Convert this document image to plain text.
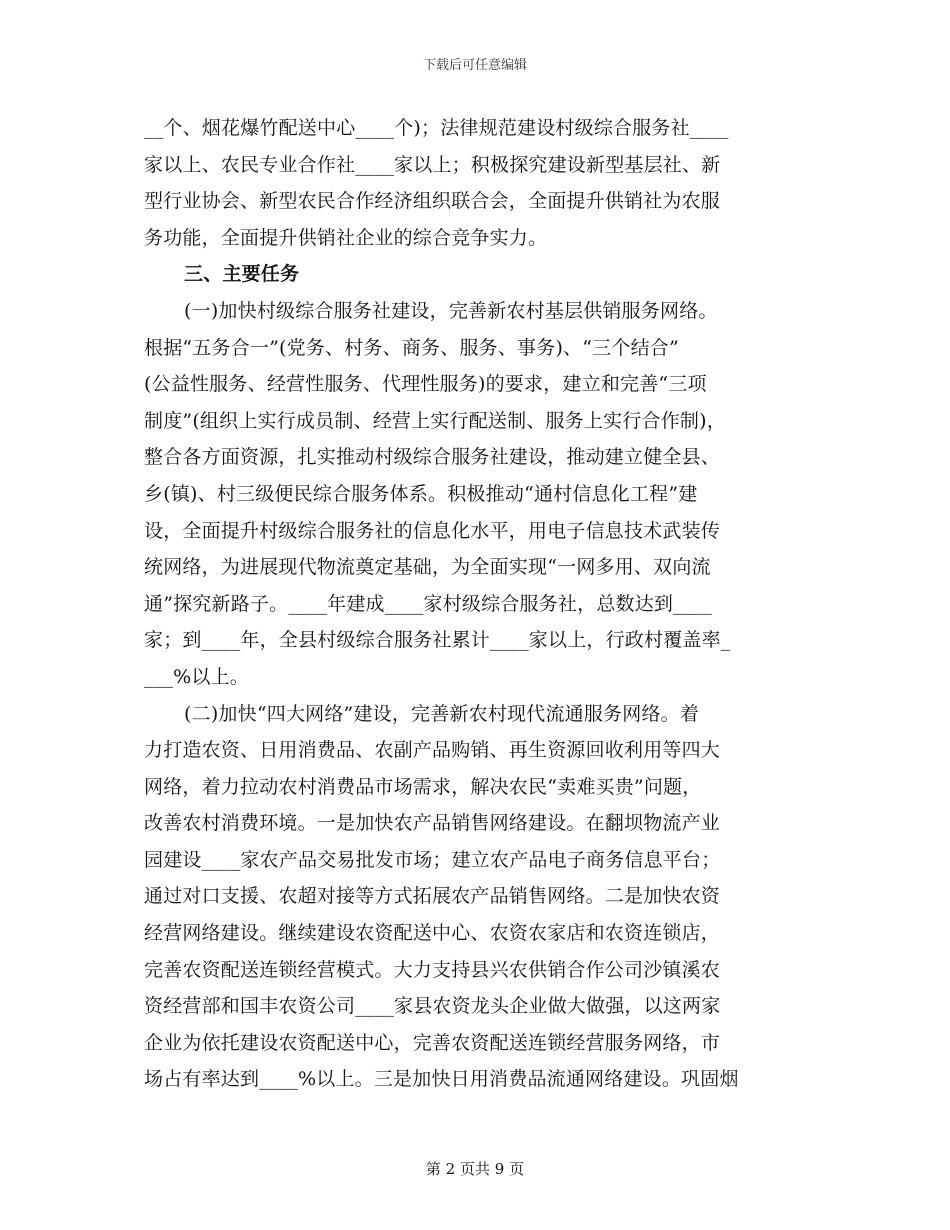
下载后可任意编辑
__个、烟花爆竹配送中心____个)；法律规范建设村级综合服务社____
家以上、农民专业合作社____家以上；积极探究建设新型基层社、新
型行业协会、新型农民合作经济组织联合会，全面提升供销社为农服
务功能，全面提升供销社企业的综合竞争实力。
三、主要任务
(一)加快村级综合服务社建设，完善新农村基层供销服务网络。
根据“五务合一”(党务、村务、商务、服务、事务)、“三个结合”
(公益性服务、经营性服务、代理性服务)的要求，建立和完善“三项
制度”(组织上实行成员制、经营上实行配送制、服务上实行合作制)，
整合各方面资源，扎实推动村级综合服务社建设，推动建立健全县、
乡(镇)、村三级便民综合服务体系。积极推动“通村信息化工程”建
设，全面提升村级综合服务社的信息化水平，用电子信息技术武装传
统网络，为进展现代物流奠定基础，为全面实现“一网多用、双向流
通”探究新路子。____年建成____家村级综合服务社，总数达到____
家；到____年，全县村级综合服务社累计____家以上，行政村覆盖率_
___%以上。
(二)加快“四大网络”建设，完善新农村现代流通服务网络。着
力打造农资、日用消费品、农副产品购销、再生资源回收利用等四大
网络，着力拉动农村消费品市场需求，解决农民“卖难买贵”问题，
改善农村消费环境。一是加快农产品销售网络建设。在翻坝物流产业
园建设____家农产品交易批发市场；建立农产品电子商务信息平台；
通过对口支援、农超对接等方式拓展农产品销售网络。二是加快农资
经营网络建设。继续建设农资配送中心、农资农家店和农资连锁店，
完善农资配送连锁经营模式。大力支持县兴农供销合作公司沙镇溪农
资经营部和国丰农资公司____家县农资龙头企业做大做强，以这两家
企业为依托建设农资配送中心，完善农资配送连锁经营服务网络，市
场占有率达到____%以上。三是加快日用消费品流通网络建设。巩固烟
第 2 页共 9 页
